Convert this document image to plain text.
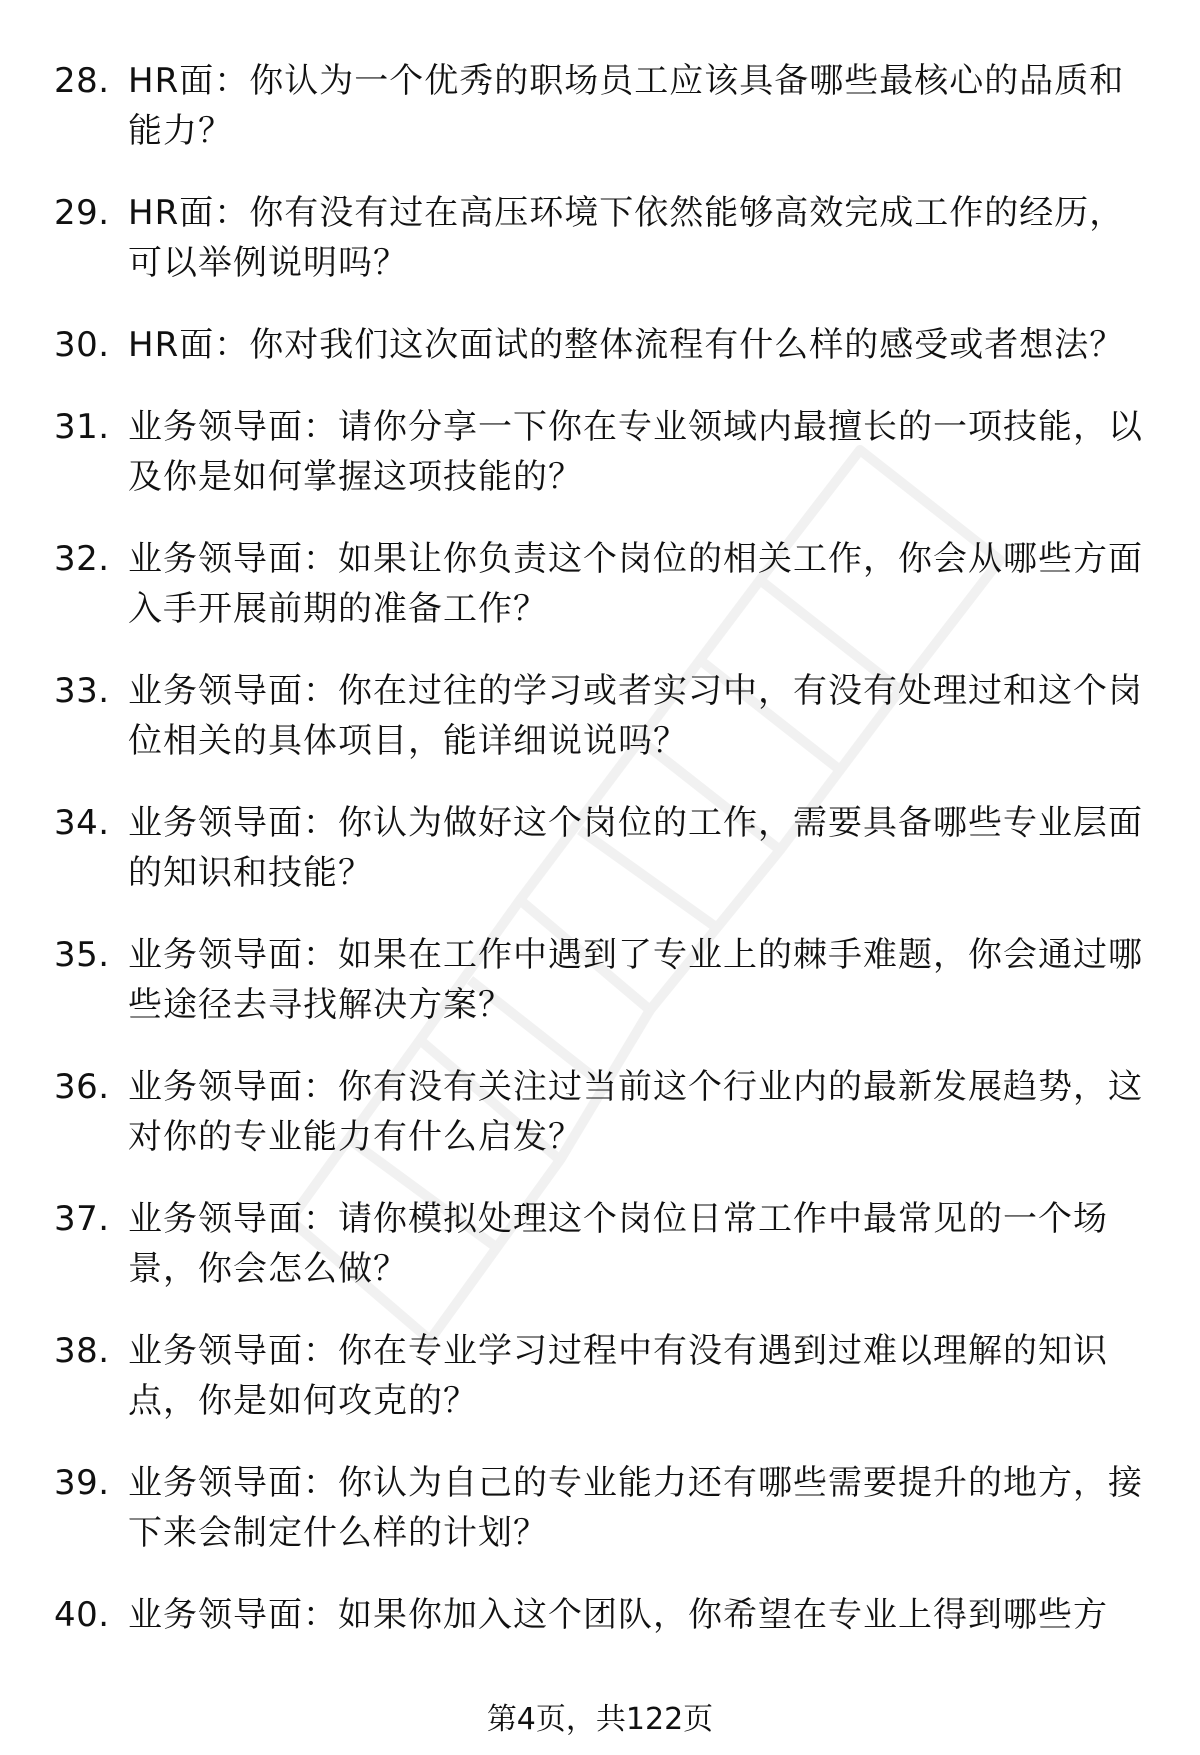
28. HR面：你认为一个优秀的职场员工应该具备哪些最核心的品质和能力？
29. HR面：你有没有过在高压环境下依然能够高效完成工作的经历，可以举例说明吗？
30. HR面：你对我们这次面试的整体流程有什么样的感受或者想法？
31. 业务领导面：请你分享一下你在专业领域内最擅长的一项技能，以及你是如何掌握这项技能的？
32. 业务领导面：如果让你负责这个岗位的相关工作，你会从哪些方面入手开展前期的准备工作？
33. 业务领导面：你在过往的学习或者实习中，有没有处理过和这个岗位相关的具体项目，能详细说说吗？
34. 业务领导面：你认为做好这个岗位的工作，需要具备哪些专业层面的知识和技能？
35. 业务领导面：如果在工作中遇到了专业上的棘手难题，你会通过哪些途径去寻找解决方案？
36. 业务领导面：你有没有关注过当前这个行业内的最新发展趋势，这对你的专业能力有什么启发？
37. 业务领导面：请你模拟处理这个岗位日常工作中最常见的一个场景，你会怎么做？
38. 业务领导面：你在专业学习过程中有没有遇到过难以理解的知识点，你是如何攻克的？
39. 业务领导面：你认为自己的专业能力还有哪些需要提升的地方，接下来会制定什么样的计划？
40. 业务领导面：如果你加入这个团队，你希望在专业上得到哪些方
第4页，共122页
